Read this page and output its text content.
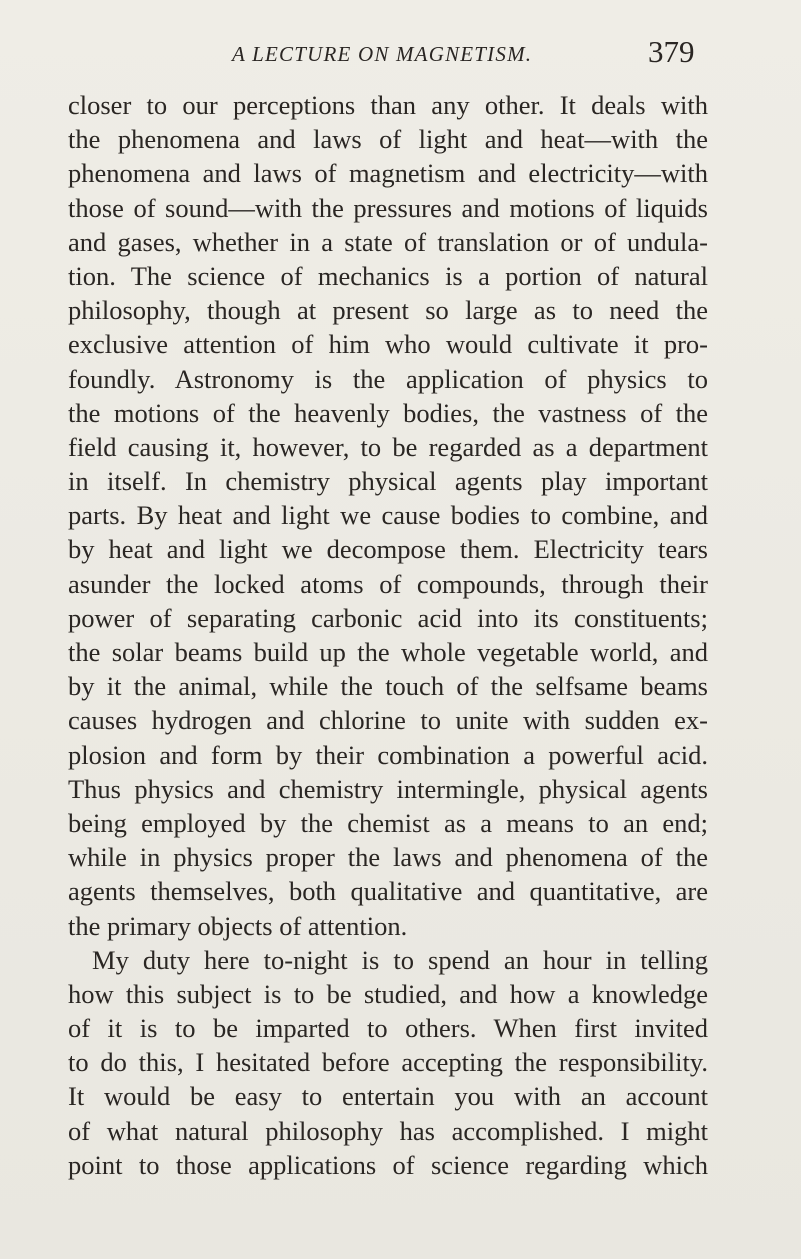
A LECTURE ON MAGNETISM.	379
closer to our perceptions than any other. It deals with
the phenomena and laws of light and heat—with the
phenomena and laws of magnetism and electricity—with
those of sound—with the pressures and motions of liquids
and gases, whether in a state of translation or of undula-
tion. The science of mechanics is a portion of natural
philosophy, though at present so large as to need the
exclusive attention of him who would cultivate it pro-
foundly. Astronomy is the application of physics to
the motions of the heavenly bodies, the vastness of the
field causing it, however, to be regarded as a department
in itself. In chemistry physical agents play important
parts. By heat and light we cause bodies to combine, and
by heat and light we decompose them. Electricity tears
asunder the locked atoms of compounds, through their
power of separating carbonic acid into its constituents;
the solar beams build up the whole vegetable world, and
by it the animal, while the touch of the selfsame beams
causes hydrogen and chlorine to unite with sudden ex-
plosion and form by their combination a powerful acid.
Thus physics and chemistry intermingle, physical agents
being employed by the chemist as a means to an end;
while in physics proper the laws and phenomena of the
agents themselves, both qualitative and quantitative, are
the primary objects of attention.
My duty here to-night is to spend an hour in telling
how this subject is to be studied, and how a knowledge
of it is to be imparted to others. When first invited
to do this, I hesitated before accepting the responsibility.
It would be easy to entertain you with an account
of what natural philosophy has accomplished. I might
point to those applications of science regarding which
